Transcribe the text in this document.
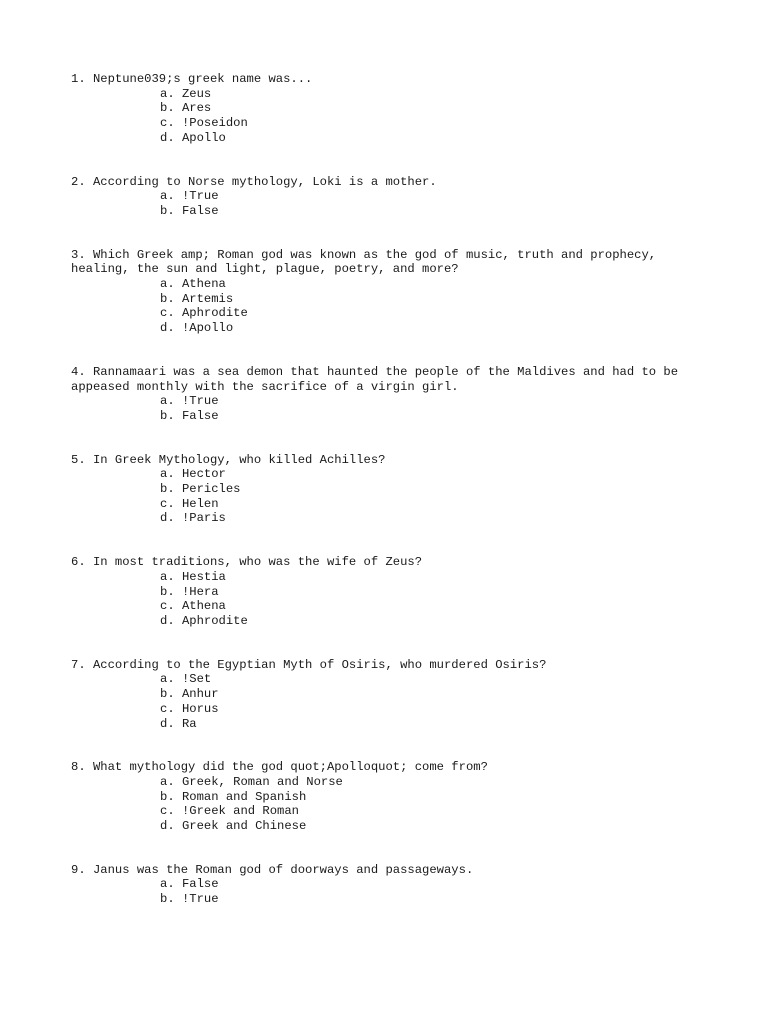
1. Neptune039;s greek name was...
a. Zeus
b. Ares
c. !Poseidon
d. Apollo
2. According to Norse mythology, Loki is a mother.
a. !True
b. False
3. Which Greek amp; Roman god was known as the god of music, truth and prophecy, healing, the sun and light, plague, poetry, and more?
a. Athena
b. Artemis
c. Aphrodite
d. !Apollo
4. Rannamaari was a sea demon that haunted the people of the Maldives and had to be appeased monthly with the sacrifice of a virgin girl.
a. !True
b. False
5. In Greek Mythology, who killed Achilles?
a. Hector
b. Pericles
c. Helen
d. !Paris
6. In most traditions, who was the wife of Zeus?
a. Hestia
b. !Hera
c. Athena
d. Aphrodite
7. According to the Egyptian Myth of Osiris, who murdered Osiris?
a. !Set
b. Anhur
c. Horus
d. Ra
8. What mythology did the god quot;Apolloquot; come from?
a. Greek, Roman and Norse
b. Roman and Spanish
c. !Greek and Roman
d. Greek and Chinese
9. Janus was the Roman god of doorways and passageways.
a. False
b. !True
